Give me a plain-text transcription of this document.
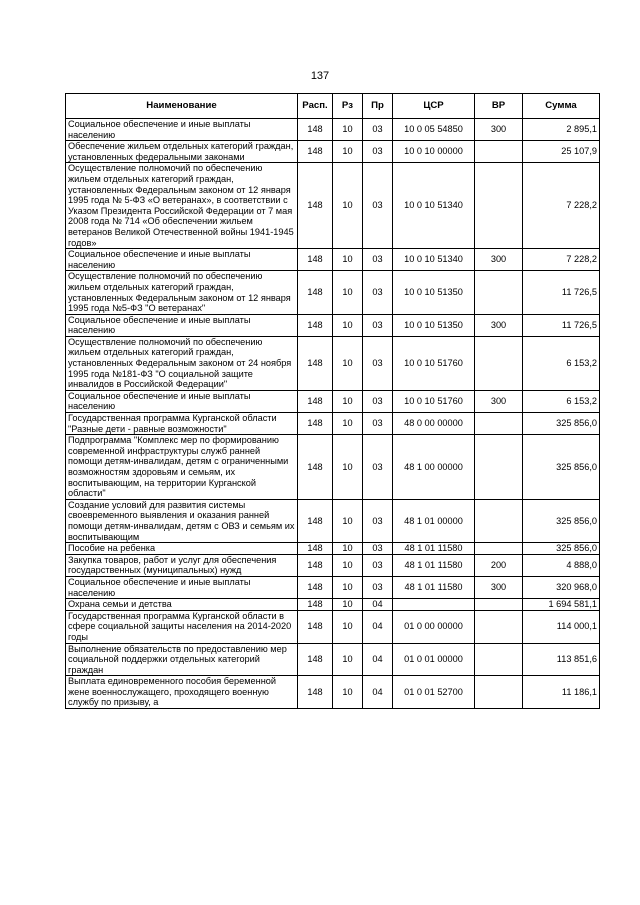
137
Наименование	Расп.	Рз	Пр	ЦСР	ВР	Сумма
Социальное обеспечение и иные выплаты населению	148	10	03	10 0 05 54850	300	2 895,1
Обеспечение жильем отдельных категорий граждан, установленных федеральными законами	148	10	03	10 0 10 00000		25 107,9
Осуществление полномочий по обеспечению жильем отдельных категорий граждан, установленных Федеральным законом от 12 января 1995 года № 5-ФЗ «О ветеранах», в соответствии с Указом Президента Российской Федерации от 7 мая 2008 года № 714 «Об обеспечении жильем ветеранов Великой Отечественной войны 1941-1945 годов»	148	10	03	10 0 10 51340		7 228,2
Социальное обеспечение и иные выплаты населению	148	10	03	10 0 10 51340	300	7 228,2
Осуществление полномочий по обеспечению жильем отдельных категорий граждан, установленных Федеральным законом от 12 января 1995 года №5-ФЗ "О ветеранах"	148	10	03	10 0 10 51350		11 726,5
Социальное обеспечение и иные выплаты населению	148	10	03	10 0 10 51350	300	11 726,5
Осуществление полномочий по обеспечению жильем отдельных категорий граждан, установленных Федеральным законом от 24 ноября 1995 года №181-ФЗ "О социальной защите инвалидов в Российской Федерации"	148	10	03	10 0 10 51760		6 153,2
Социальное обеспечение и иные выплаты населению	148	10	03	10 0 10 51760	300	6 153,2
Государственная программа Курганской области "Разные дети - равные возможности"	148	10	03	48 0 00 00000		325 856,0
Подпрограмма "Комплекс мер по формированию современной инфраструктуры служб ранней помощи детям-инвалидам, детям с ограниченными возможностям здоровьям и семьям, их воспитывающим, на территории Курганской области"	148	10	03	48 1 00 00000		325 856,0
Создание условий для развития системы своевременного выявления и оказания ранней помощи детям-инвалидам, детям с ОВЗ и семьям их воспитывающим	148	10	03	48 1 01 00000		325 856,0
Пособие на ребенка	148	10	03	48 1 01 11580		325 856,0
Закупка товаров, работ и услуг для обеспечения государственных (муниципальных) нужд	148	10	03	48 1 01 11580	200	4 888,0
Социальное обеспечение и иные выплаты населению	148	10	03	48 1 01 11580	300	320 968,0
Охрана семьи и детства	148	10	04			1 694 581,1
Государственная программа Курганской области в сфере социальной защиты населения на 2014-2020 годы	148	10	04	01 0 00 00000		114 000,1
Выполнение обязательств по предоставлению мер социальной поддержки отдельных категорий граждан	148	10	04	01 0 01 00000		113 851,6
Выплата единовременного пособия беременной жене военнослужащего, проходящего военную службу по призыву, а	148	10	04	01 0 01 52700		11 186,1
